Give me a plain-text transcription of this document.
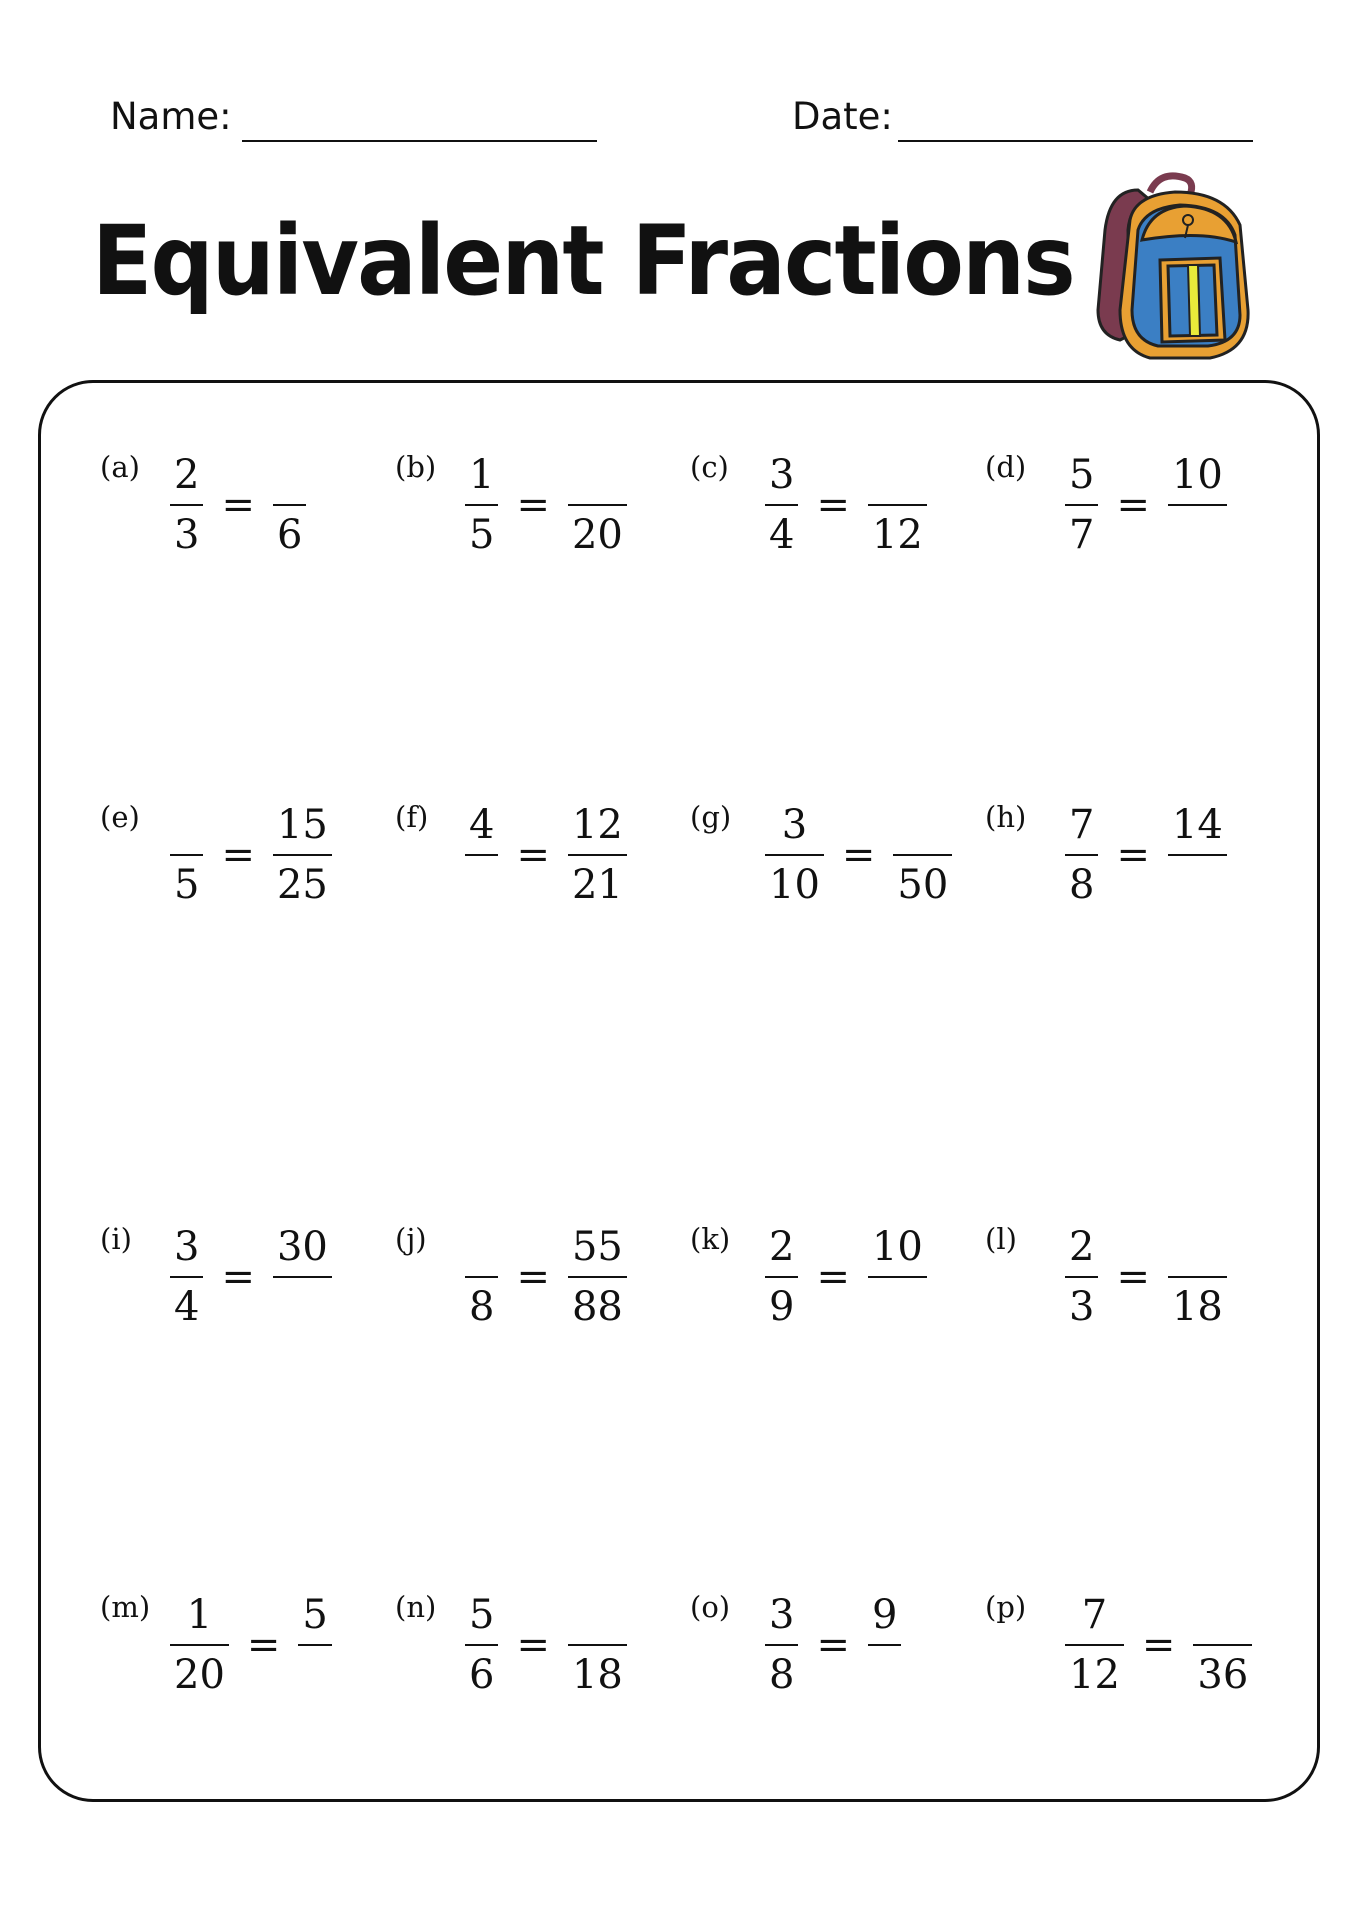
Name:	Date:
Equivalent Fractions
$(a) \frac{2}{3}$ =
6
$(b) \frac{1}{5}$ =
20
$(c) \frac{3}{4}$ =
12
$(d) \frac{5}{7}$ =
10
(e)
5
= $\frac{15}{25} (f)$ 4
= $\frac{12}{21} (g) \frac{3}{10}$ =
50
$(h) \frac{7}{8}$ =
14
$(i) \frac{3}{4}$ =
30 (j)
8
= $\frac{55}{88} (k) \frac{2}{9}$ =
10 $(l) \frac{2}{3}$ =
18
$(m) \frac{1}{20}$ =
5 $(n) \frac{5}{6}$ =
18
$(o) \frac{3}{8}$ =
9	$(p) \frac{7}{12}$ =
36
